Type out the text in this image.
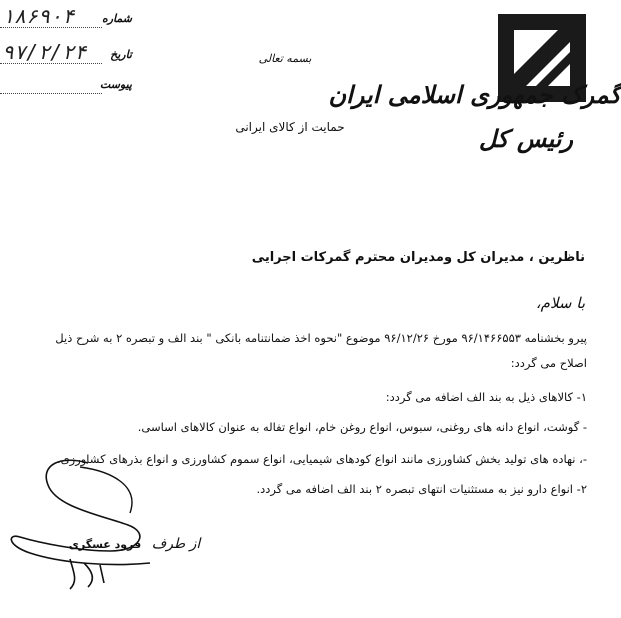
گمرک جمهوری اسلامی ایران
رئیس کل
بسمه تعالی
حمایت از کالای ایرانی
شماره
۱۸۶۹۰۴
تاریخ
۹۷/۲/۲۴
پیوست
ناظرین ، مدیران کل ومدیران محترم گمرکات اجرایی
با سلام،
پیرو بخشنامه ۹۶/۱۴۶۶۵۵۳ مورخ ۹۶/۱۲/۲۶ موضوع "نحوه اخذ ضمانتنامه بانکی " بند الف و تبصره ۲ به شرح ذیل
اصلاح می گردد:
۱- کالاهای ذیل به بند الف اضافه می گردد:
- گوشت، انواع دانه های روغنی، سبوس، انواع روغن خام، انواع تفاله به عنوان کالاهای اساسی.
-، نهاده های تولید بخش کشاورزی مانند انواع کودهای شیمیایی، انواع سموم کشاورزی و انواع بذرهای کشاورزی.
۲- انواع دارو نیز به مستثنیات انتهای تبصره ۲ بند الف اضافه می گردد.
فرود عسگری از طرف
